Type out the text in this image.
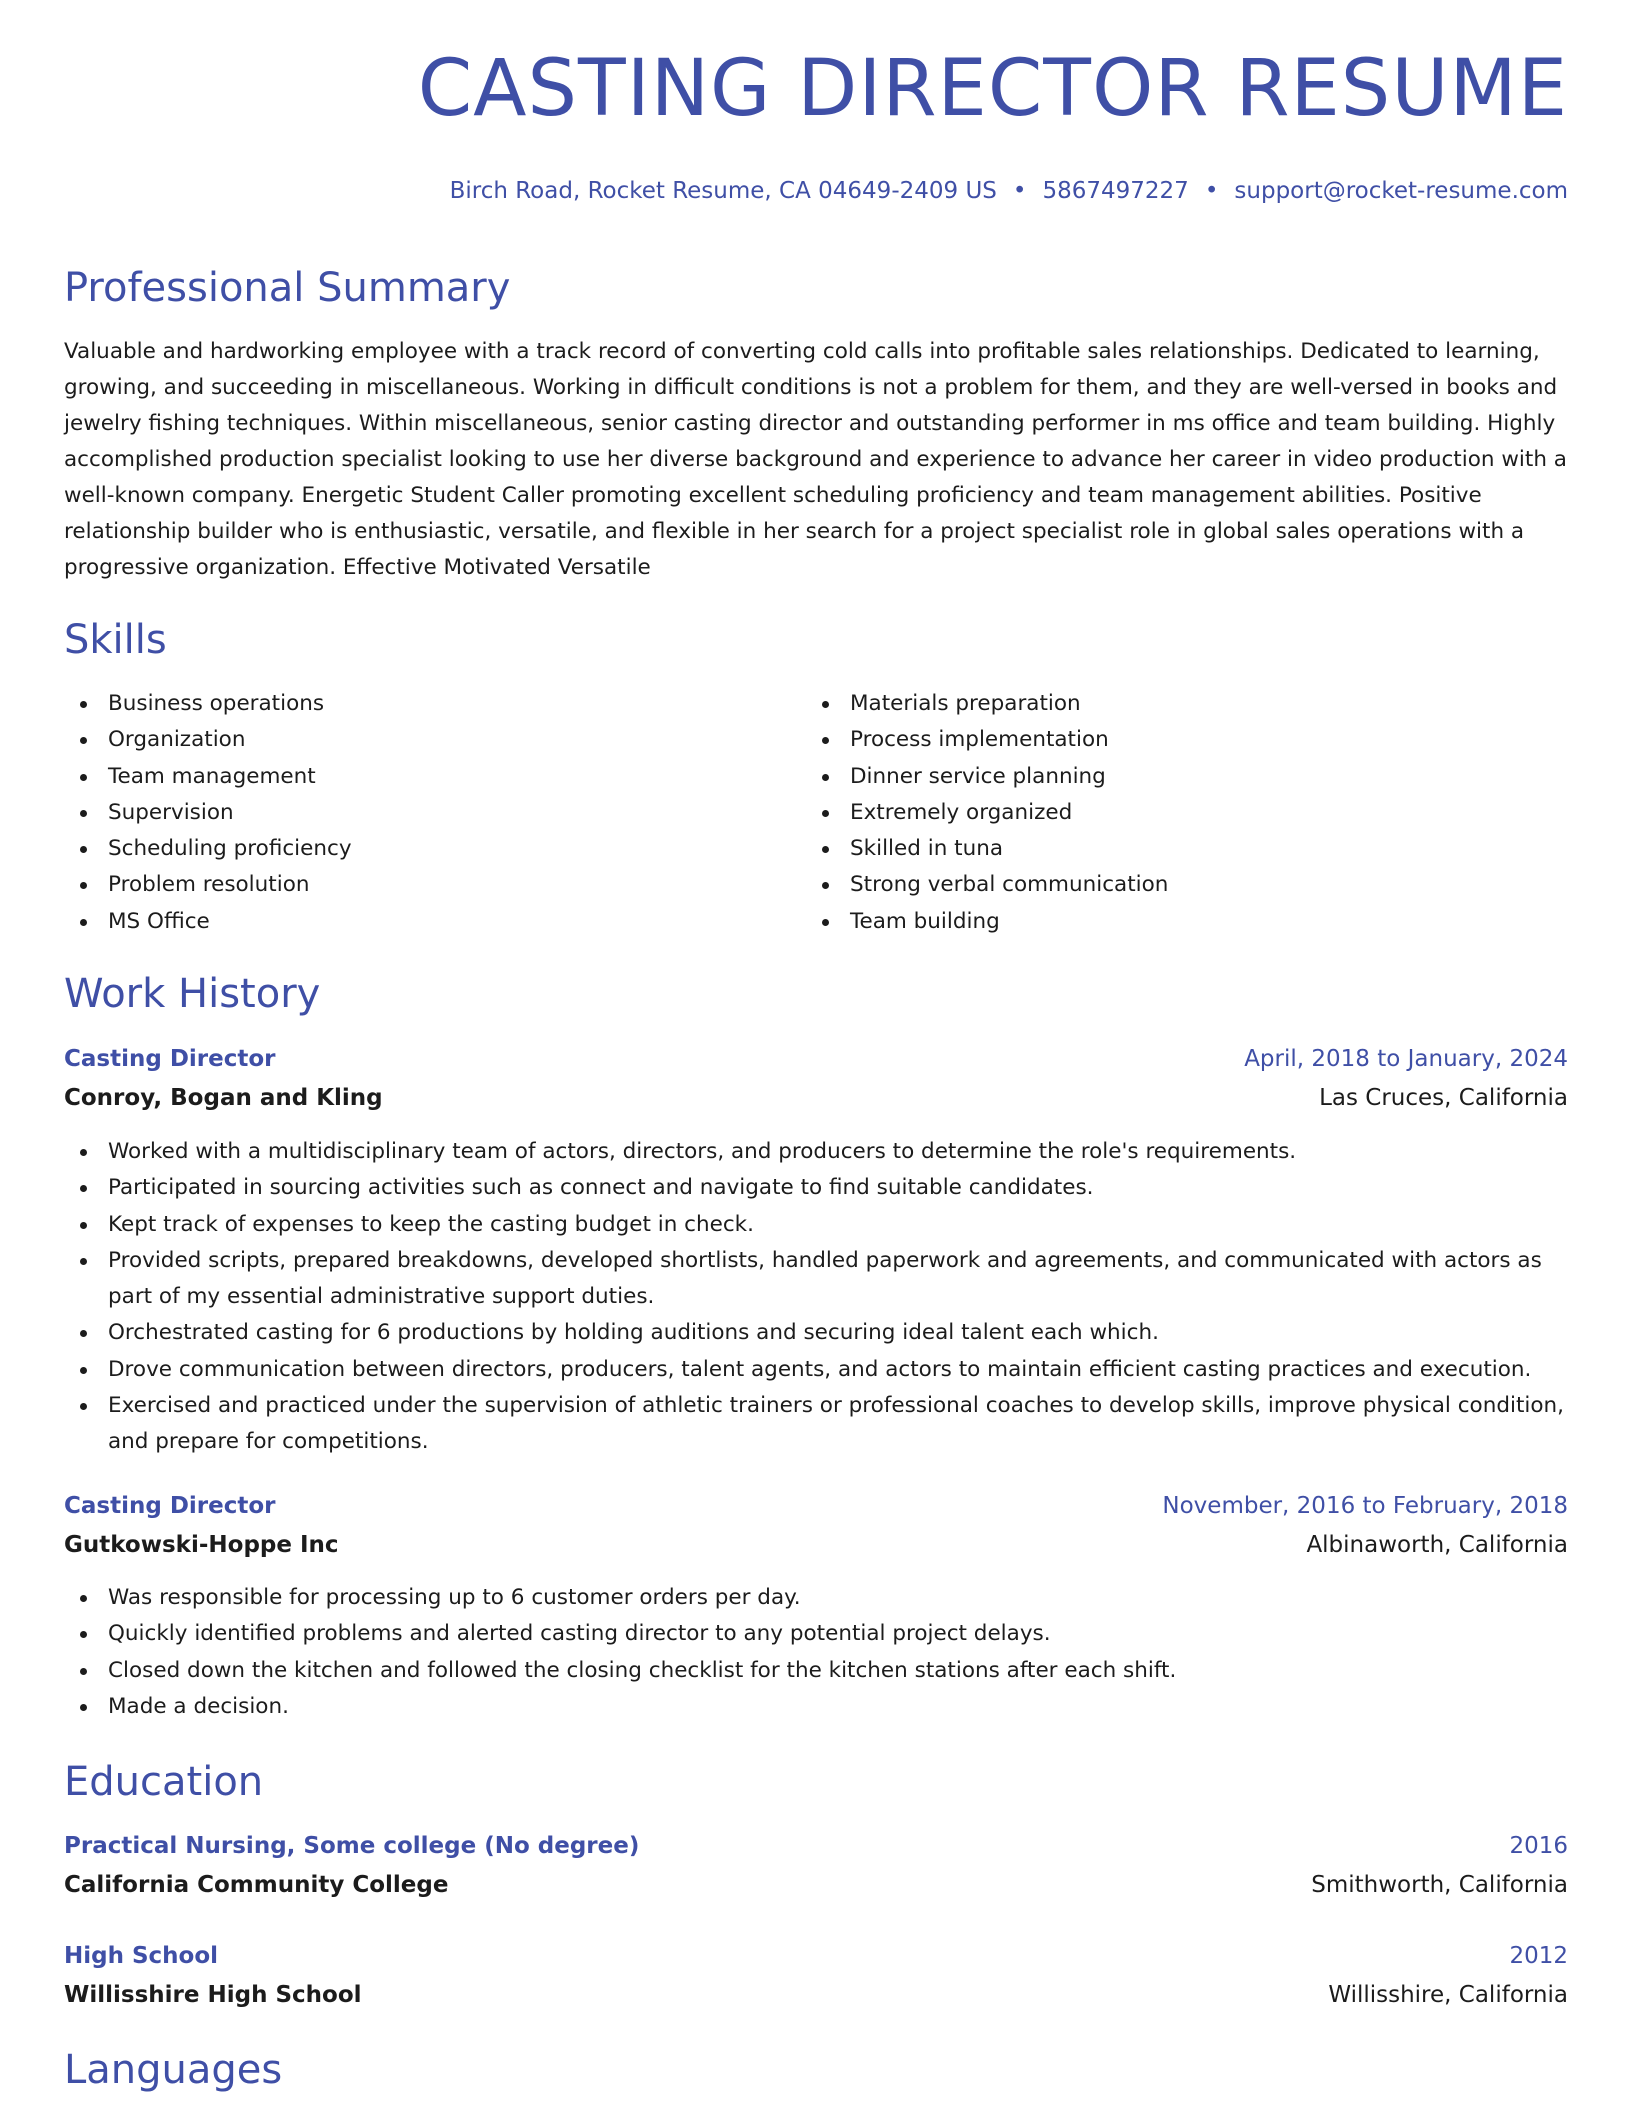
CASTING DIRECTOR RESUME
Birch Road, Rocket Resume, CA 04649-2409 US • 5867497227 • support@rocket-resume.com
Professional Summary

Valuable and hardworking employee with a track record of converting cold calls into profitable sales relationships. Dedicated to learning, growing, and succeeding in miscellaneous. Working in difficult conditions is not a problem for them, and they are well-versed in books and jewelry fishing techniques. Within miscellaneous, senior casting director and outstanding performer in ms office and team building. Highly accomplished production specialist looking to use her diverse background and experience to advance her career in video production with a well-known company. Energetic Student Caller promoting excellent scheduling proficiency and team management abilities. Positive relationship builder who is enthusiastic, versatile, and flexible in her search for a project specialist role in global sales operations with a progressive organization. Effective Motivated Versatile

Skills
Business operations
Organization
Team management
Supervision
Scheduling proficiency
Problem resolution
MS Office
Materials preparation
Process implementation
Dinner service planning
Extremely organized
Skilled in tuna
Strong verbal communication
Team building
Work History
Casting Director	April, 2018 to January, 2024
Conroy, Bogan and Kling	Las Cruces, California
Worked with a multidisciplinary team of actors, directors, and producers to determine the role's requirements.
Participated in sourcing activities such as connect and navigate to find suitable candidates.
Kept track of expenses to keep the casting budget in check.
Provided scripts, prepared breakdowns, developed shortlists, handled paperwork and agreements, and communicated with actors as part of my essential administrative support duties.
Orchestrated casting for 6 productions by holding auditions and securing ideal talent each which.
Drove communication between directors, producers, talent agents, and actors to maintain efficient casting practices and execution.
Exercised and practiced under the supervision of athletic trainers or professional coaches to develop skills, improve physical condition, and prepare for competitions.
Casting Director	November, 2016 to February, 2018
Gutkowski-Hoppe Inc	Albinaworth, California
Was responsible for processing up to 6 customer orders per day.
Quickly identified problems and alerted casting director to any potential project delays.
Closed down the kitchen and followed the closing checklist for the kitchen stations after each shift.
Made a decision.
Education
Practical Nursing, Some college (No degree)	2016
California Community College	Smithworth, California
High School	2012
Willisshire High School	Willisshire, California
Languages
